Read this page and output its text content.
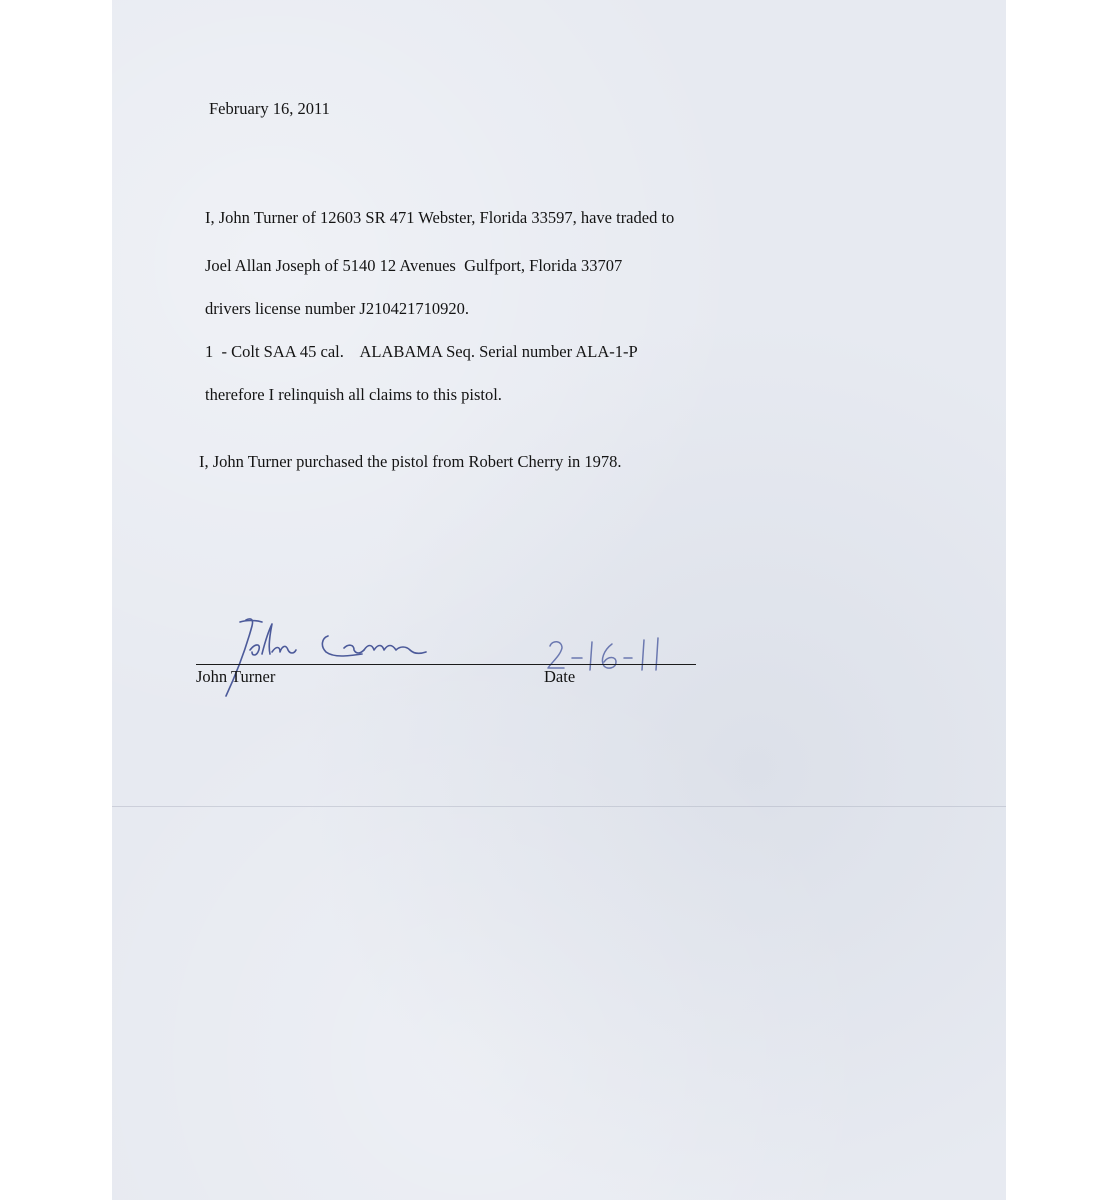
February 16, 2011
I, John Turner of 12603 SR 471 Webster, Florida 33597, have traded to
Joel Allan Joseph of 5140 12 Avenues  Gulfport, Florida 33707
drivers license number J210421710920.
1  - Colt SAA 45 cal.    ALABAMA Seq. Serial number ALA-1-P
therefore I relinquish all claims to this pistol.
I, John Turner purchased the pistol from Robert Cherry in 1978.
John Turner	Date
